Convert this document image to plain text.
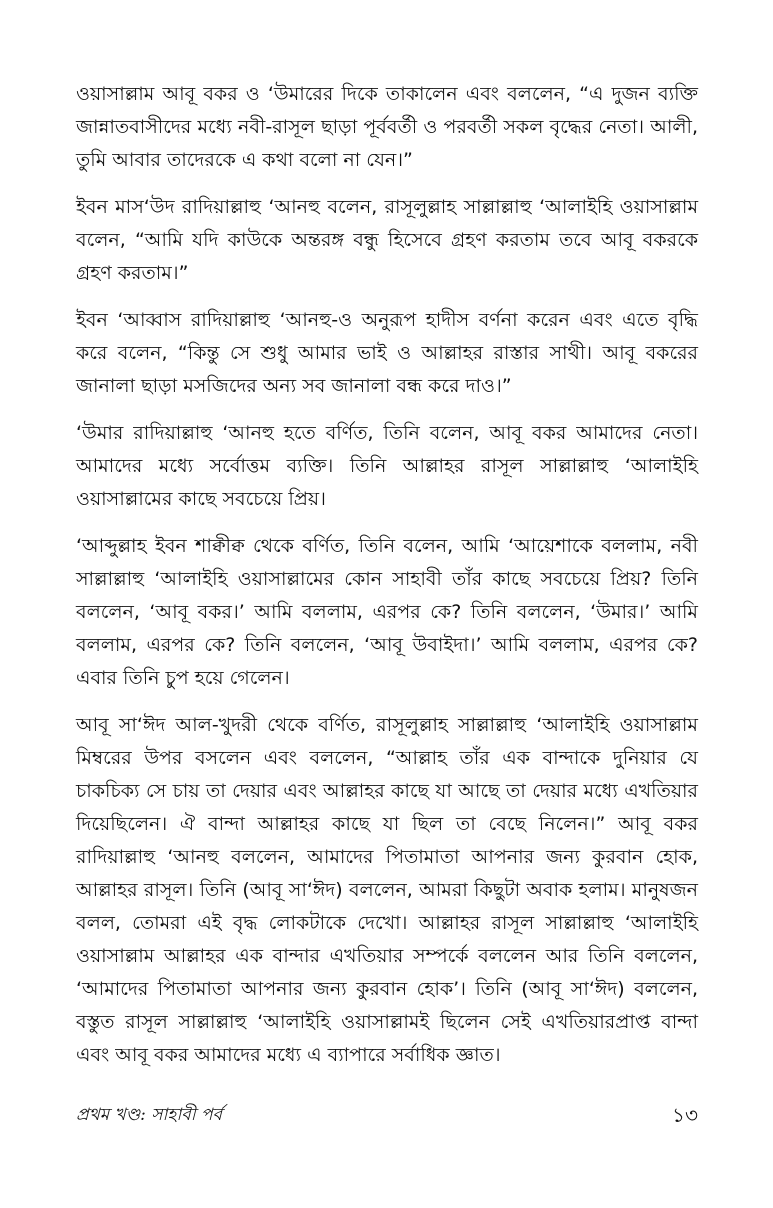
ওয়াসাল্লাম আবূ বকর ও ‘উমারের দিকে তাকালেন এবং বললেন, “এ দুজন ব্যক্তি জান্নাতবাসীদের মধ্যে নবী-রাসূল ছাড়া পূর্ববর্তী ও পরবর্তী সকল বৃদ্ধের নেতা। আলী, তুমি আবার তাদেরকে এ কথা বলো না যেন।”

ইবন মাস‘উদ রাদিয়াল্লাহু ‘আনহু বলেন, রাসূলুল্লাহ সাল্লাল্লাহু ‘আলাইহি ওয়াসাল্লাম বলেন, “আমি যদি কাউকে অন্তরঙ্গ বন্ধু হিসেবে গ্রহণ করতাম তবে আবূ বকরকে গ্রহণ করতাম।”

ইবন ‘আব্বাস রাদিয়াল্লাহু ‘আনহু-ও অনুরূপ হাদীস বর্ণনা করেন এবং এতে বৃদ্ধি করে বলেন, “কিন্তু সে শুধু আমার ভাই ও আল্লাহর রাস্তার সাথী। আবূ বকরের জানালা ছাড়া মসজিদের অন্য সব জানালা বন্ধ করে দাও।”

‘উমার রাদিয়াল্লাহু ‘আনহু হতে বর্ণিত, তিনি বলেন, আবূ বকর আমাদের নেতা। আমাদের মধ্যে সর্বোত্তম ব্যক্তি। তিনি আল্লাহর রাসূল সাল্লাল্লাহু ‘আলাইহি ওয়াসাল্লামের কাছে সবচেয়ে প্রিয়।

‘আব্দুল্লাহ ইবন শাক্বীক্ব থেকে বর্ণিত, তিনি বলেন, আমি ‘আয়েশাকে বললাম, নবী সাল্লাল্লাহু ‘আলাইহি ওয়াসাল্লামের কোন সাহাবী তাঁর কাছে সবচেয়ে প্রিয়? তিনি বললেন, ‘আবূ বকর।’ আমি বললাম, এরপর কে? তিনি বললেন, ‘উমার।’ আমি বললাম, এরপর কে? তিনি বললেন, ‘আবূ উবাইদা।’ আমি বললাম, এরপর কে? এবার তিনি চুপ হয়ে গেলেন।

আবূ সা‘ঈদ আল-খুদরী থেকে বর্ণিত, রাসূলুল্লাহ সাল্লাল্লাহু ‘আলাইহি ওয়াসাল্লাম মিম্বরের উপর বসলেন এবং বললেন, “আল্লাহ তাঁর এক বান্দাকে দুনিয়ার যে চাকচিক্য সে চায় তা দেয়ার এবং আল্লাহর কাছে যা আছে তা দেয়ার মধ্যে এখতিয়ার দিয়েছিলেন। ঐ বান্দা আল্লাহর কাছে যা ছিল তা বেছে নিলেন।” আবূ বকর রাদিয়াল্লাহু ‘আনহু বললেন, আমাদের পিতামাতা আপনার জন্য কুরবান হোক, আল্লাহর রাসূল। তিনি (আবূ সা‘ঈদ) বললেন, আমরা কিছুটা অবাক হলাম। মানুষজন বলল, তোমরা এই বৃদ্ধ লোকটাকে দেখো। আল্লাহর রাসূল সাল্লাল্লাহু ‘আলাইহি ওয়াসাল্লাম আল্লাহর এক বান্দার এখতিয়ার সম্পর্কে বললেন আর তিনি বললেন, ‘আমাদের পিতামাতা আপনার জন্য কুরবান হোক’। তিনি (আবূ সা‘ঈদ) বললেন, বস্তুত রাসূল সাল্লাল্লাহু ‘আলাইহি ওয়াসাল্লামই ছিলেন সেই এখতিয়ারপ্রাপ্ত বান্দা এবং আবূ বকর আমাদের মধ্যে এ ব্যাপারে সর্বাধিক জ্ঞাত।

প্রথম খণ্ড: সাহাবী পর্ব	১৩
